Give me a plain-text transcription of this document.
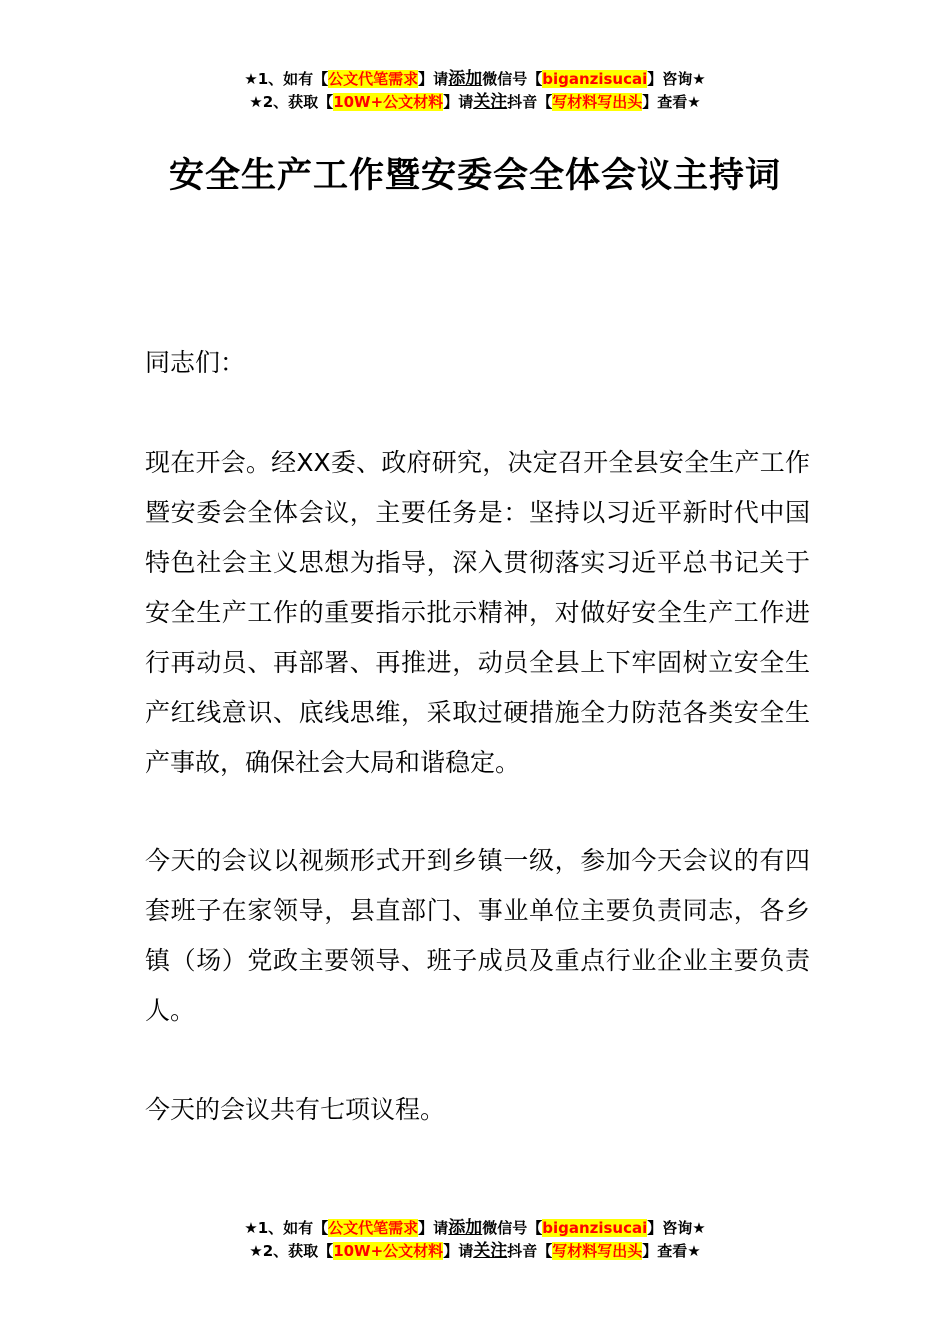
★1、如有【公文代笔需求】请添加微信号【biganzisucai】咨询★
★2、获取【10W+公文材料】请关注抖音【写材料写出头】查看★
安全生产工作暨安委会全体会议主持词

同志们：

现在开会。经XX委、政府研究，决定召开全县安全生产工作暨安委会全体会议，主要任务是：坚持以习近平新时代中国特色社会主义思想为指导，深入贯彻落实习近平总书记关于安全生产工作的重要指示批示精神，对做好安全生产工作进行再动员、再部署、再推进，动员全县上下牢固树立安全生产红线意识、底线思维，采取过硬措施全力防范各类安全生产事故，确保社会大局和谐稳定。

今天的会议以视频形式开到乡镇一级，参加今天会议的有四套班子在家领导，县直部门、事业单位主要负责同志，各乡镇（场）党政主要领导、班子成员及重点行业企业主要负责人。

今天的会议共有七项议程。

★1、如有【公文代笔需求】请添加微信号【biganzisucai】咨询★
★2、获取【10W+公文材料】请关注抖音【写材料写出头】查看★
